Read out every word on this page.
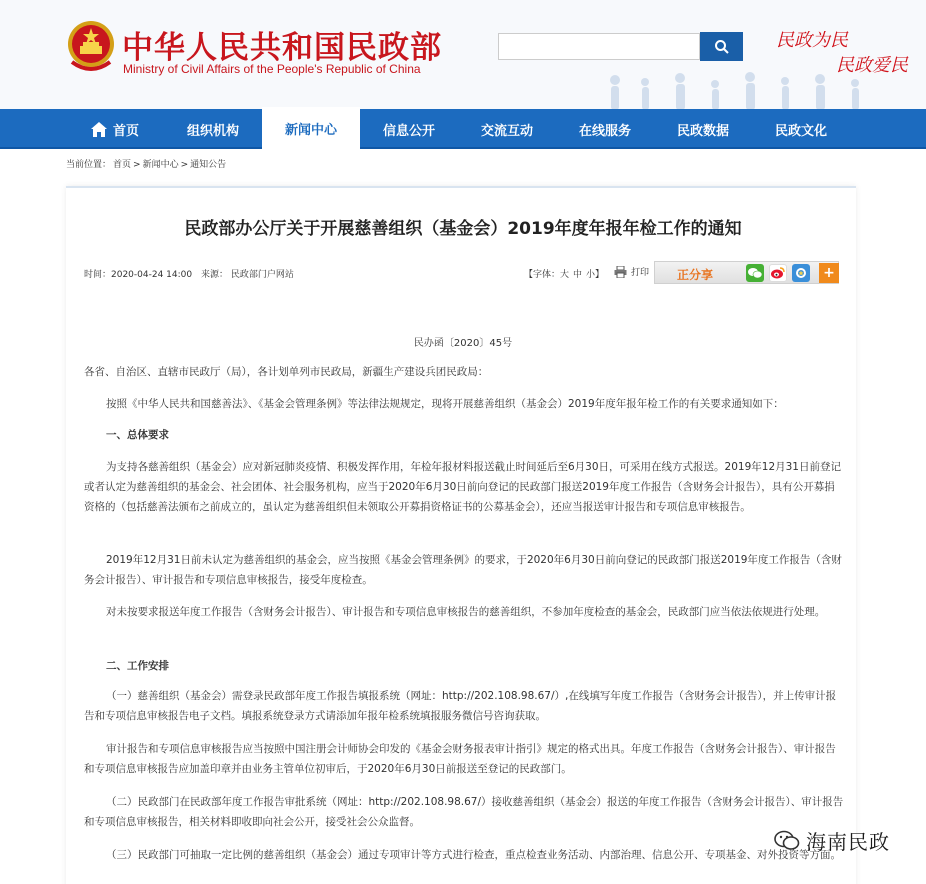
中华人民共和国民政部
Ministry of Civil Affairs of the People's Republic of China
民政为民
民政爱民
首页	组织机构	新闻中心	信息公开	交流互动	在线服务	民政数据	民政文化
当前位置： 首页 > 新闻中心 > 通知公告
民政部办公厅关于开展慈善组织（基金会）2019年度年报年检工作的通知
时间：2020-04-24 14:00 来源： 民政部门户网站	【字体：大 中 小】	打印 正分享	+
民办函〔2020〕45号
各省、自治区、直辖市民政厅（局），各计划单列市民政局，新疆生产建设兵团民政局：
按照《中华人民共和国慈善法》、《基金会管理条例》等法律法规规定，现将开展慈善组织（基金会）2019年度年报年检工作的有关要求通知如下：
一、总体要求
为支持各慈善组织（基金会）应对新冠肺炎疫情、积极发挥作用，年检年报材料报送截止时间延后至6月30日，可采用在线方式报送。2019年12月31日前登记或者认定为慈善组织的基金会、社会团体、社会服务机构，应当于2020年6月30日前向登记的民政部门报送2019年度工作报告（含财务会计报告），具有公开募捐资格的（包括慈善法颁布之前成立的，虽认定为慈善组织但未领取公开募捐资格证书的公募基金会），还应当报送审计报告和专项信息审核报告。
2019年12月31日前未认定为慈善组织的基金会，应当按照《基金会管理条例》的要求，于2020年6月30日前向登记的民政部门报送2019年度工作报告（含财务会计报告）、审计报告和专项信息审核报告，接受年度检查。
对未按要求报送年度工作报告（含财务会计报告）、审计报告和专项信息审核报告的慈善组织，不参加年度检查的基金会，民政部门应当依法依规进行处理。
二、工作安排
（一）慈善组织（基金会）需登录民政部年度工作报告填报系统（网址：http://202.108.98.67/）,在线填写年度工作报告（含财务会计报告），并上传审计报告和专项信息审核报告电子文档。填报系统登录方式请添加年报年检系统填报服务微信号咨询获取。
审计报告和专项信息审核报告应当按照中国注册会计师协会印发的《基金会财务报表审计指引》规定的格式出具。年度工作报告（含财务会计报告）、审计报告和专项信息审核报告应加盖印章并由业务主管单位初审后，于2020年6月30日前报送至登记的民政部门。
（二）民政部门在民政部年度工作报告审批系统（网址：http://202.108.98.67/）接收慈善组织（基金会）报送的年度工作报告（含财务会计报告）、审计报告和专项信息审核报告，相关材料即收即向社会公开，接受社会公众监督。
（三）民政部门可抽取一定比例的慈善组织（基金会）通过专项审计等方式进行检查，重点检查业务活动、内部治理、信息公开、专项基金、对外投资等方面。
海南民政
